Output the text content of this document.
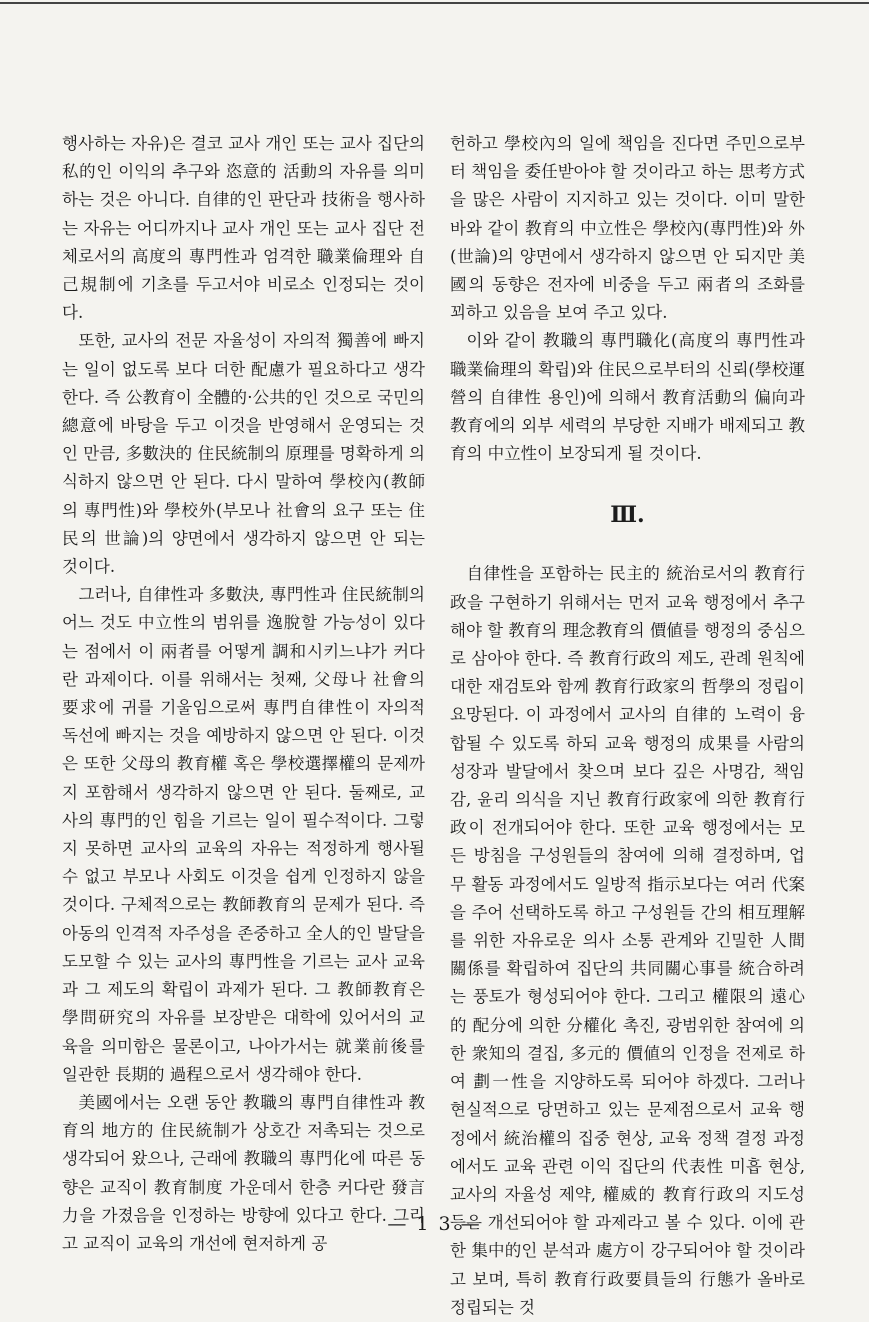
행사하는 자유)은 결코 교사 개인 또는 교사 집단의 私的인 이익의 추구와 恣意的 活動의 자유를 의미하는 것은 아니다. 自律的인 판단과 技術을 행사하는 자유는 어디까지나 교사 개인 또는 교사 집단 전체로서의 高度의 專門性과 엄격한 職業倫理와 自己規制에 기초를 두고서야 비로소 인정되는 것이다.

또한, 교사의 전문 자율성이 자의적 獨善에 빠지는 일이 없도록 보다 더한 配慮가 필요하다고 생각한다. 즉 公教育이 全體的·公共的인 것으로 국민의 總意에 바탕을 두고 이것을 반영해서 운영되는 것인 만큼, 多數決的 住民統制의 原理를 명확하게 의식하지 않으면 안 된다. 다시 말하여 學校內(教師의 專門性)와 學校外(부모나 社會의 요구 또는 住民의 世論)의 양면에서 생각하지 않으면 안 되는 것이다.

그러나, 自律性과 多數決, 專門性과 住民統制의 어느 것도 中立性의 범위를 逸脫할 가능성이 있다는 점에서 이 兩者를 어떻게 調和시키느냐가 커다란 과제이다. 이를 위해서는 첫째, 父母나 社會의 要求에 귀를 기울임으로써 專門自律性이 자의적 독선에 빠지는 것을 예방하지 않으면 안 된다. 이것은 또한 父母의 教育權 혹은 學校選擇權의 문제까지 포함해서 생각하지 않으면 안 된다. 둘째로, 교사의 專門的인 힘을 기르는 일이 필수적이다. 그렇지 못하면 교사의 교육의 자유는 적정하게 행사될 수 없고 부모나 사회도 이것을 쉽게 인정하지 않을 것이다. 구체적으로는 教師教育의 문제가 된다. 즉 아동의 인격적 자주성을 존중하고 全人的인 발달을 도모할 수 있는 교사의 專門性을 기르는 교사 교육과 그 제도의 확립이 과제가 된다. 그 教師教育은 學問研究의 자유를 보장받은 대학에 있어서의 교육을 의미함은 물론이고, 나아가서는 就業前後를 일관한 長期的 過程으로서 생각해야 한다.

美國에서는 오랜 동안 教職의 專門自律性과 教育의 地方的 住民統制가 상호간 저촉되는 것으로 생각되어 왔으나, 근래에 教職의 專門化에 따른 동향은 교직이 教育制度 가운데서 한층 커다란 發言力을 가졌음을 인정하는 방향에 있다고 한다. 그리고 교직이 교육의 개선에 현저하게 공

헌하고 學校內의 일에 책임을 진다면 주민으로부터 책임을 委任받아야 할 것이라고 하는 思考方式을 많은 사람이 지지하고 있는 것이다. 이미 말한 바와 같이 教育의 中立性은 學校內(專門性)와 外(世論)의 양면에서 생각하지 않으면 안 되지만 美國의 동향은 전자에 비중을 두고 兩者의 조화를 꾀하고 있음을 보여 주고 있다.

이와 같이 教職의 專門職化(高度의 專門性과 職業倫理의 확립)와 住民으로부터의 신뢰(學校運營의 自律性 용인)에 의해서 教育活動의 偏向과 教育에의 외부 세력의 부당한 지배가 배제되고 教育의 中立性이 보장되게 될 것이다.

Ⅲ.

自律性을 포함하는 民主的 統治로서의 教育行政을 구현하기 위해서는 먼저 교육 행정에서 추구해야 할 教育의 理念教育의 價値를 행정의 중심으로 삼아야 한다. 즉 教育行政의 제도, 관례 원칙에 대한 재검토와 함께 教育行政家의 哲學의 정립이 요망된다. 이 과정에서 교사의 自律的 노력이 융합될 수 있도록 하되 교육 행정의 成果를 사람의 성장과 발달에서 찾으며 보다 깊은 사명감, 책임감, 윤리 의식을 지닌 教育行政家에 의한 教育行政이 전개되어야 한다. 또한 교육 행정에서는 모든 방침을 구성원들의 참여에 의해 결정하며, 업무 활동 과정에서도 일방적 指示보다는 여러 代案을 주어 선택하도록 하고 구성원들 간의 相互理解를 위한 자유로운 의사 소통 관계와 긴밀한 人間關係를 확립하여 집단의 共同關心事를 統合하려는 풍토가 형성되어야 한다. 그리고 權限의 遠心的 配分에 의한 分權化 촉진, 광범위한 참여에 의한 衆知의 결집, 多元的 價値의 인정을 전제로 하여 劃一性을 지양하도록 되어야 하겠다. 그러나 현실적으로 당면하고 있는 문제점으로서 교육 행정에서 統治權의 집중 현상, 교육 정책 결정 과정에서도 교육 관련 이익 집단의 代表性 미흡 현상, 교사의 자율성 제약, 權威的 教育行政의 지도성 등은 개선되어야 할 과제라고 볼 수 있다. 이에 관한 集中的인 분석과 處方이 강구되어야 할 것이라고 보며, 특히 教育行政要員들의 行態가 올바로 정립되는 것

— 1 3 —
